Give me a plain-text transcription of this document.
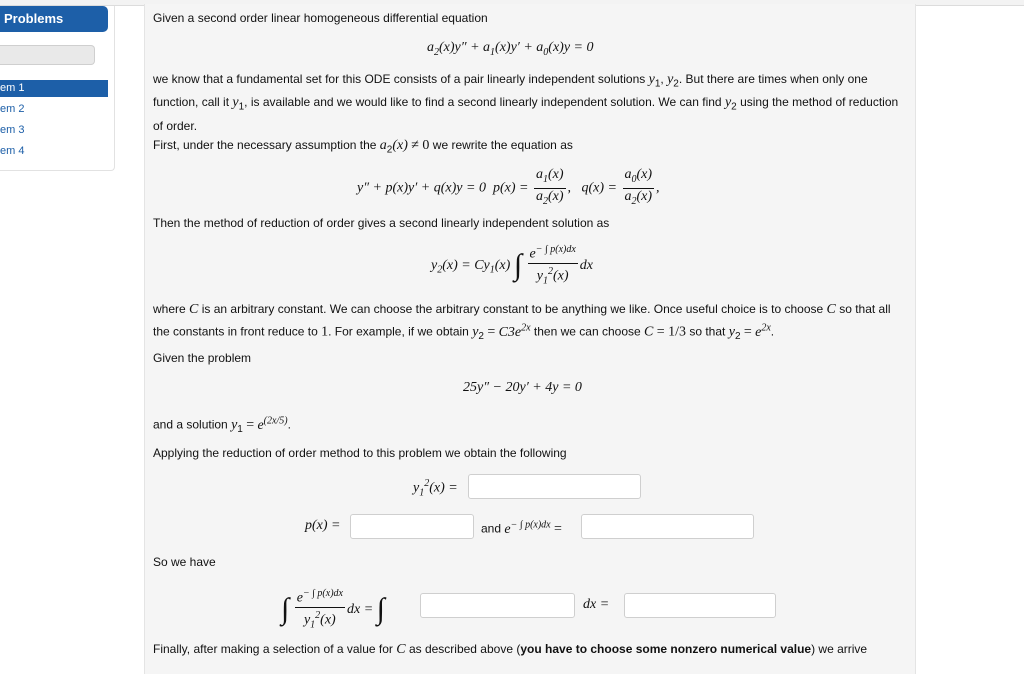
Problems
em 1
em 2
em 3
em 4
Given a second order linear homogeneous differential equation
$a_2(x)y'' + a_1(x)y' + a_0(x)y = 0$
we know that a fundamental set for this ODE consists of a pair linearly independent solutions $y_1$, $y_2$. But there are times when only one function, call it $y_1$, is available and we would like to find a second linearly independent solution. We can find $y_2$ using the method of reduction of order.
First, under the necessary assumption the $a_2(x) \ne 0$ we rewrite the equation as
y″ + p(x)y′ + q(x)y = 0  $p(x) = \frac{a_1(x)}{a_2(x)}$ ,   $q(x) = \frac{a_0(x)}{a_2(x)}$ ,
Then the method of reduction of order gives a second linearly independent solution as
$y_2(x) = Cy_1(x)$ ∫ $\frac{e^{- \int p(x)dx}}{y_1^2(x)}$ dx
where C is an arbitrary constant. We can choose the arbitrary constant to be anything we like. Once useful choice is to choose C so that all the constants in front reduce to 1. For example, if we obtain $y_2 = C3e^{2x}$ then we can choose C = 1/3 so that $y_2 = e^{2x}$.
Given the problem
25y″ − 20y′ + 4y = 0
and a solution $y_1 = e^{(2x/5)}$.
Applying the reduction of order method to this problem we obtain the following
$y_1^2(x)$ =
p(x) =	and $e^{- \int p(x)dx}$ =
So we have
∫ $\frac{e^{- \int p(x)dx}}{y_1^2(x)}$ dx = ∫	dx =
Finally, after making a selection of a value for C as described above (you have to choose some nonzero numerical value) we arrive
